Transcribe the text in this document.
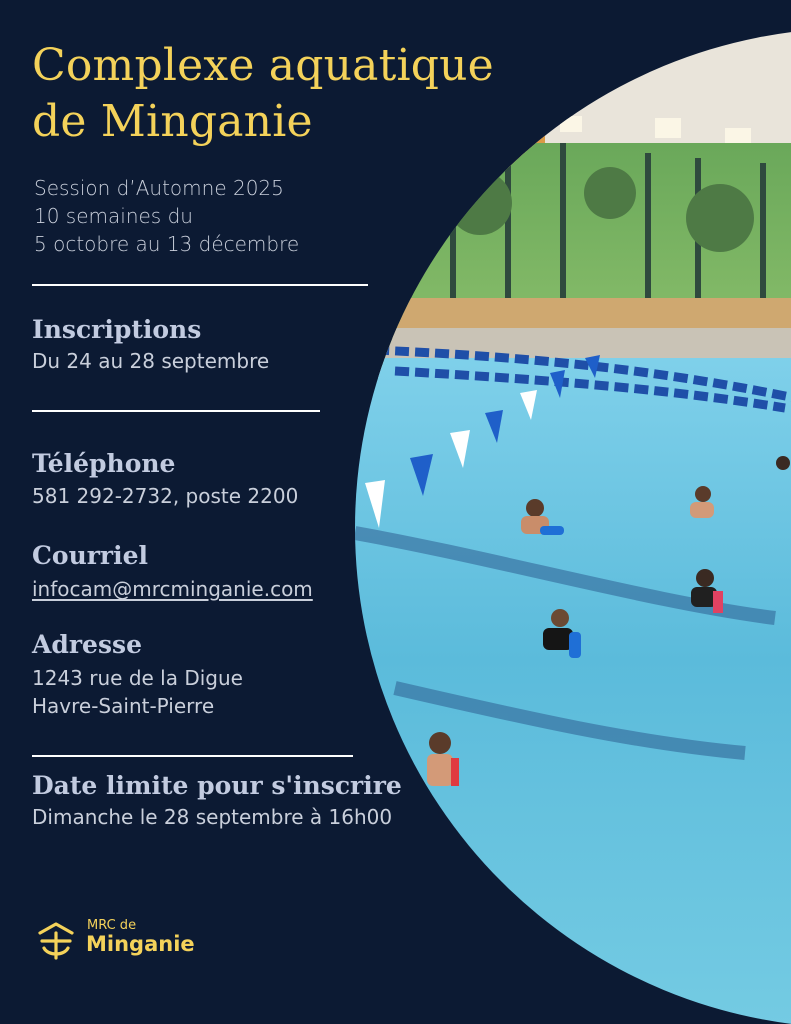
Complexe aquatique
de Minganie
Session d’Automne 2025
10 semaines du
5 octobre au 13 décembre
Inscriptions
Du 24 au 28 septembre
Téléphone
581 292-2732, poste 2200
Courriel
infocam@mrcminganie.com
Adresse
1243 rue de la Digue
Havre-Saint-Pierre
Date limite pour s'inscrire
Dimanche le 28 septembre à 16h00
MRC de
Minganie
